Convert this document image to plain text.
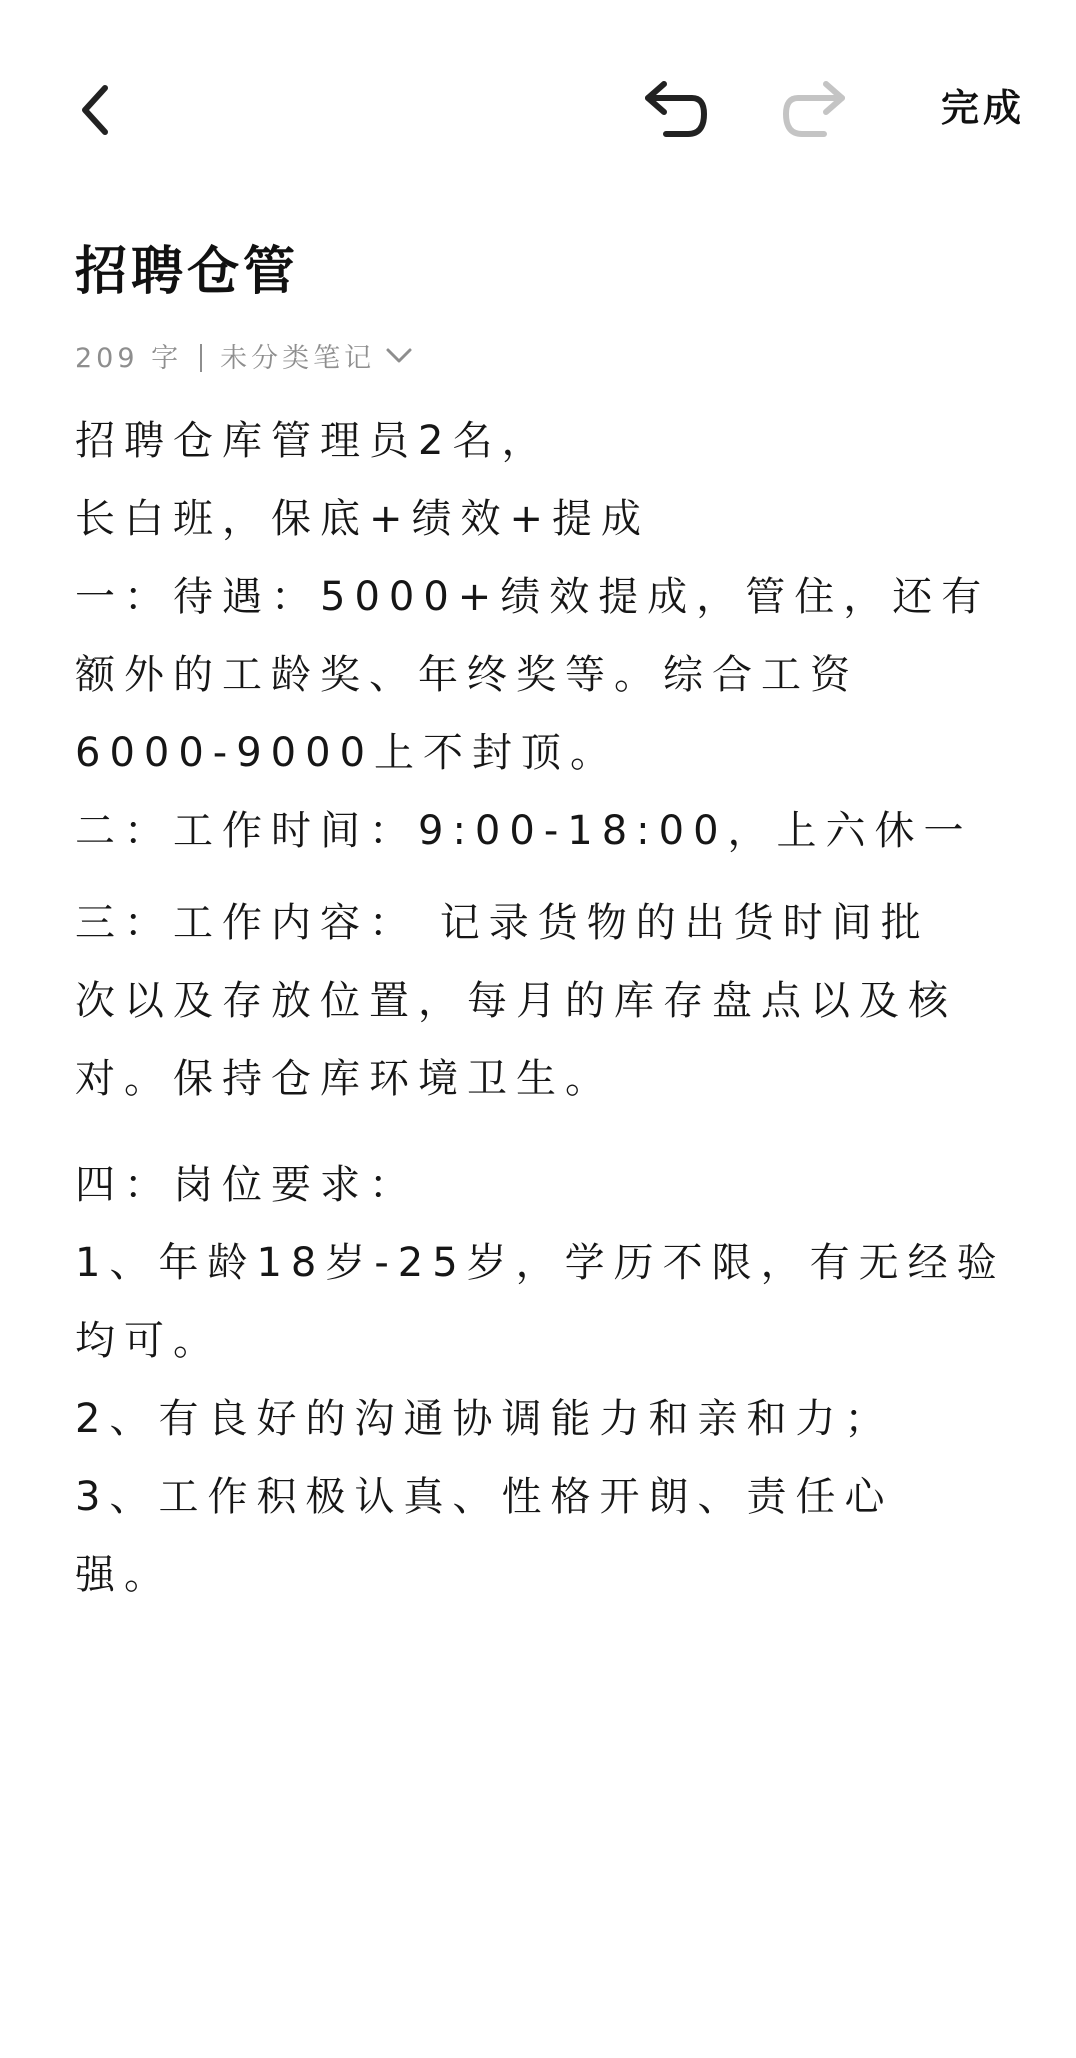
完成
招聘仓管
209 字 未分类笔记
招聘仓库管理员2名，
长白班，保底+绩效+提成
一：待遇：5000+绩效提成，管住，还有
额外的工龄奖、年终奖等。综合工资
6000-9000上不封顶。
二：工作时间：9:00-18:00，上六休一
三：工作内容： 记录货物的出货时间批
次以及存放位置，每月的库存盘点以及核
对。保持仓库环境卫生。
四：岗位要求：
1、年龄18岁-25岁，学历不限，有无经验
均可。
2、有良好的沟通协调能力和亲和力；
3、工作积极认真、性格开朗、责任心
强。
